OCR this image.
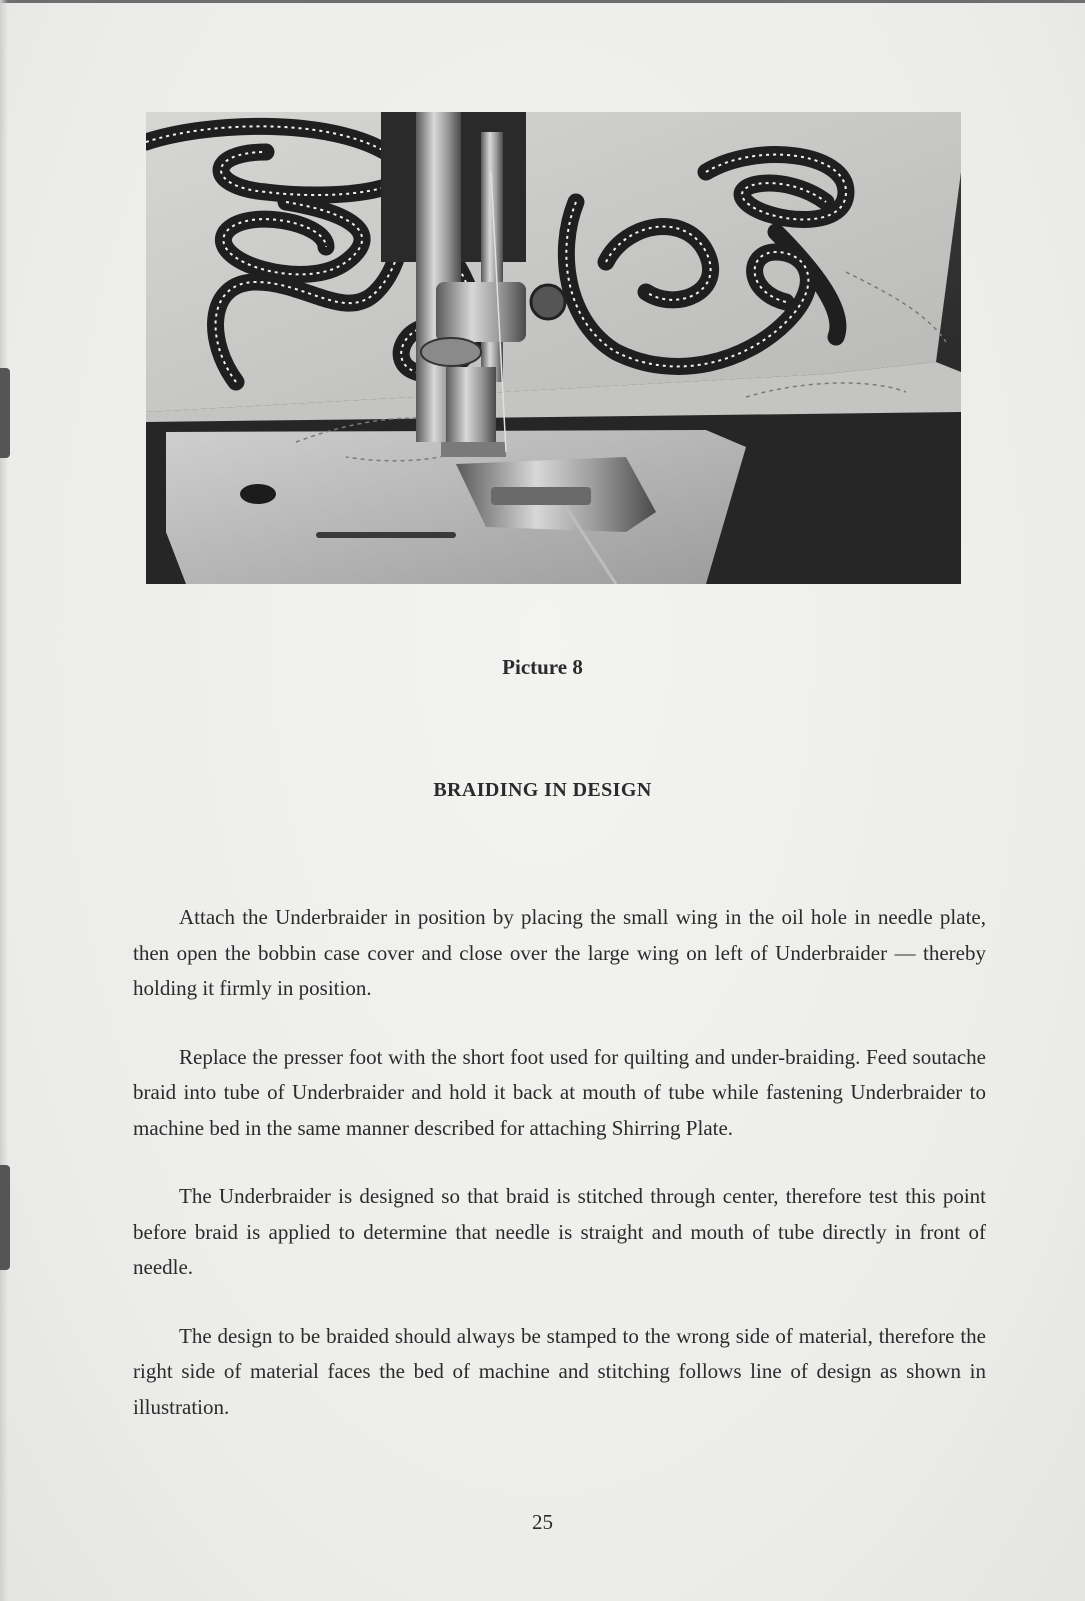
Picture 8
BRAIDING IN DESIGN

Attach the Underbraider in position by placing the small wing in the oil hole in needle plate, then open the bobbin case cover and close over the large wing on left of Underbraider — thereby holding it firmly in position.

Replace the presser foot with the short foot used for quilting and under-braiding. Feed soutache braid into tube of Underbraider and hold it back at mouth of tube while fastening Underbraider to machine bed in the same manner described for attaching Shirring Plate.

The Underbraider is designed so that braid is stitched through center, therefore test this point before braid is applied to determine that needle is straight and mouth of tube directly in front of needle.

The design to be braided should always be stamped to the wrong side of material, therefore the right side of material faces the bed of machine and stitching follows line of design as shown in illustration.

25
